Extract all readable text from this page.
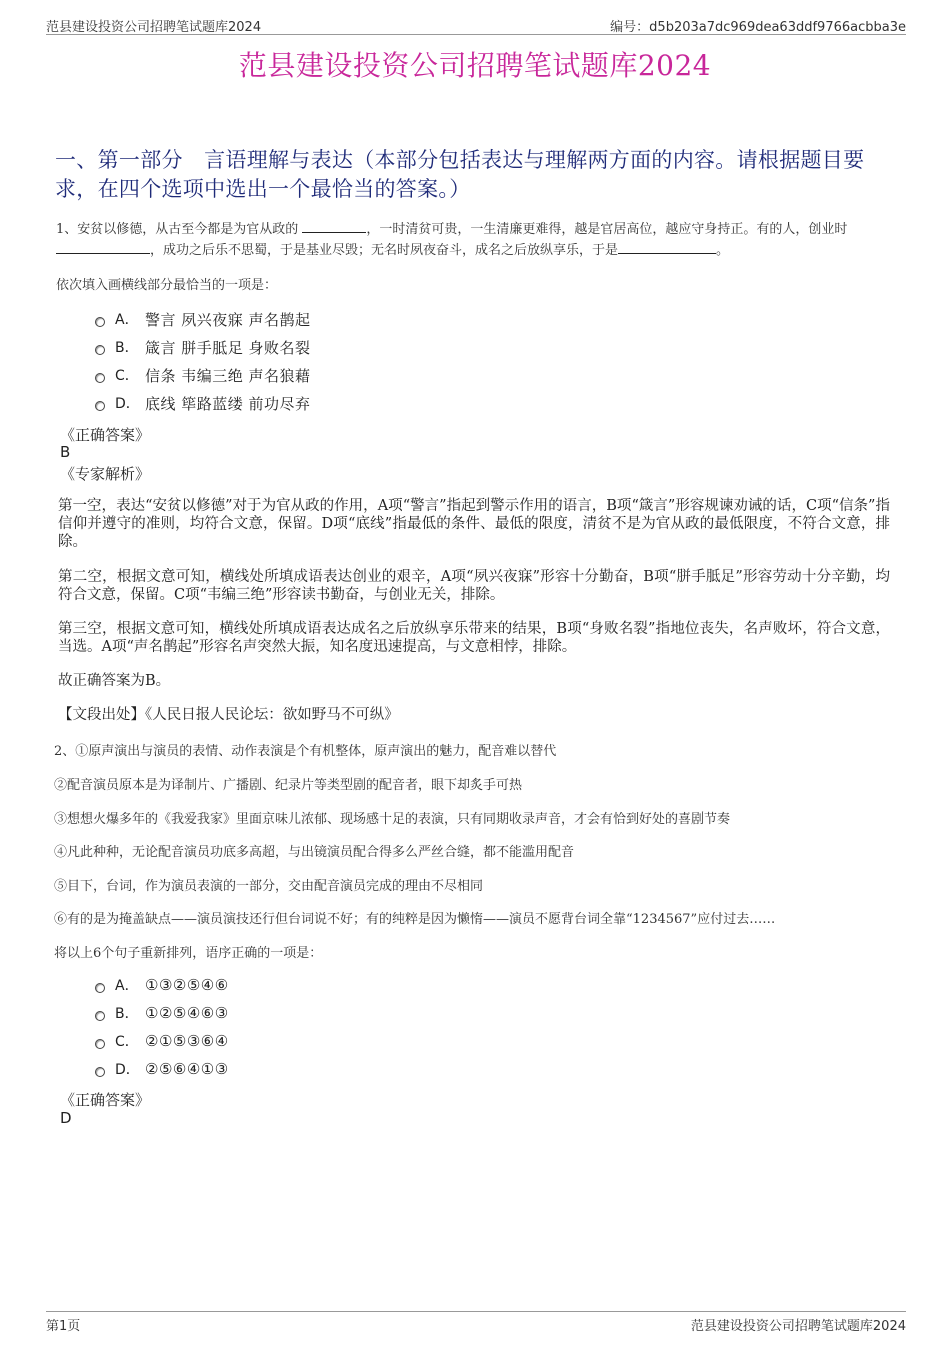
范县建设投资公司招聘笔试题库2024	编号：d5b203a7dc969dea63ddf9766acbba3e
范县建设投资公司招聘笔试题库2024
一、第一部分　言语理解与表达（本部分包括表达与理解两方面的内容。请根据题目要求，在四个选项中选出一个最恰当的答案。）
1、安贫以修德，从古至今都是为官从政的	，一时清贫可贵，一生清廉更难得，越是官居高位，越应守身持正。有的人，创业时
，成功之后乐不思蜀，于是基业尽毁；无名时夙夜奋斗，成名之后放纵享乐，于是	。
依次填入画横线部分最恰当的一项是：
A． 警言 夙兴夜寐 声名鹊起
B． 箴言 胼手胝足 身败名裂
C． 信条 韦编三绝 声名狼藉
D． 底线 筚路蓝缕 前功尽弃
《正确答案》
B
《专家解析》
第一空，表达“安贫以修德”对于为官从政的作用，A项“警言”指起到警示作用的语言，B项“箴言”形容规谏劝诫的话，C项“信条”指信仰并遵守的准则，均符合文意，保留。D项“底线”指最低的条件、最低的限度，清贫不是为官从政的最低限度，不符合文意，排除。
第二空，根据文意可知，横线处所填成语表达创业的艰辛，A项“夙兴夜寐”形容十分勤奋，B项“胼手胝足”形容劳动十分辛勤，均符合文意，保留。C项“韦编三绝”形容读书勤奋，与创业无关，排除。
第三空，根据文意可知，横线处所填成语表达成名之后放纵享乐带来的结果，B项“身败名裂”指地位丧失，名声败坏，符合文意，当选。A项“声名鹊起”形容名声突然大振，知名度迅速提高，与文意相悖，排除。
故正确答案为B。
【文段出处】《人民日报人民论坛：欲如野马不可纵》
2、①原声演出与演员的表情、动作表演是个有机整体，原声演出的魅力，配音难以替代
②配音演员原本是为译制片、广播剧、纪录片等类型剧的配音者，眼下却炙手可热
③想想火爆多年的《我爱我家》里面京味儿浓郁、现场感十足的表演，只有同期收录声音，才会有恰到好处的喜剧节奏
④凡此种种，无论配音演员功底多高超，与出镜演员配合得多么严丝合缝，都不能滥用配音
⑤目下，台词，作为演员表演的一部分，交由配音演员完成的理由不尽相同
⑥有的是为掩盖缺点——演员演技还行但台词说不好；有的纯粹是因为懒惰——演员不愿背台词全靠“1234567”应付过去……
将以上6个句子重新排列，语序正确的一项是：
A． ①③②⑤④⑥
B． ①②⑤④⑥③
C． ②①⑤③⑥④
D． ②⑤⑥④①③
《正确答案》
D
第1页	范县建设投资公司招聘笔试题库2024
